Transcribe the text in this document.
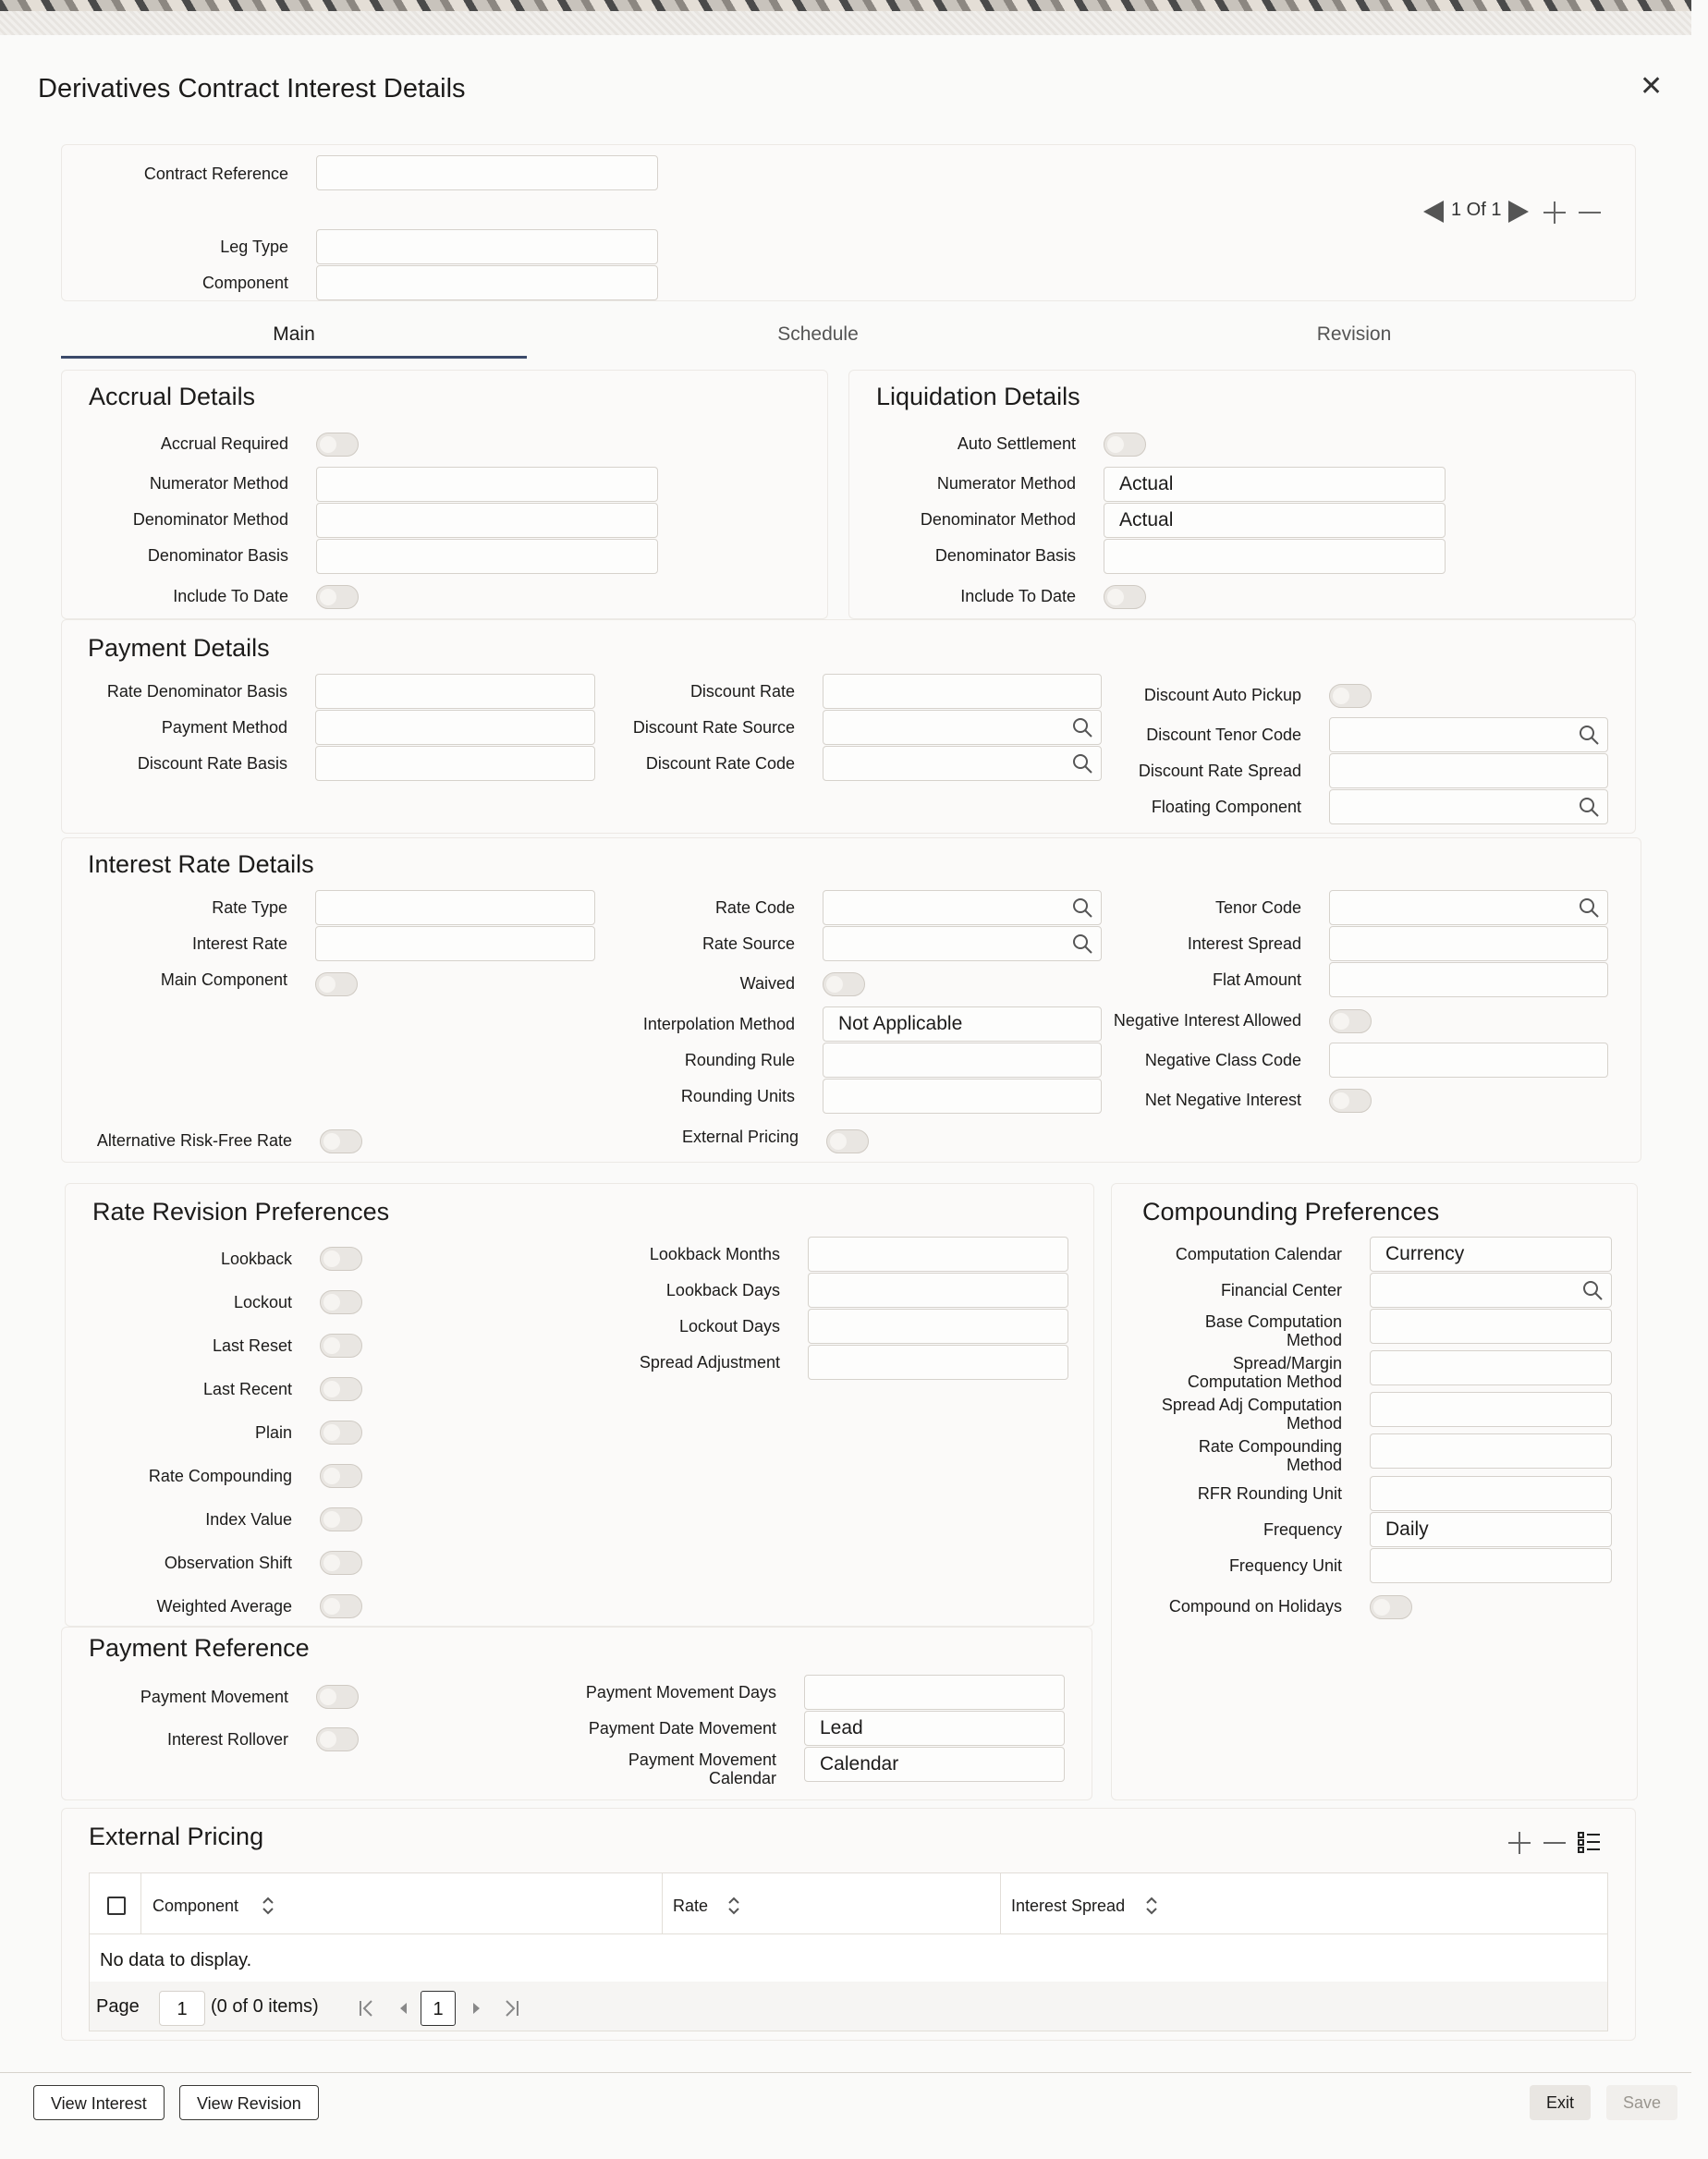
Derivatives Contract Interest Details	✕
Contract Reference
Leg Type
Component
1 Of 1
Main	Schedule	Revision
Accrual Details
Accrual Required
Numerator Method
Denominator Method
Denominator Basis
Include To Date
Liquidation Details
Auto Settlement
Numerator Method	Actual
Denominator Method	Actual
Denominator Basis
Include To Date
Payment Details
Rate Denominator Basis
Payment Method
Discount Rate Basis
Discount Rate
Discount Rate Source
Discount Rate Code
Discount Auto Pickup
Discount Tenor Code
Discount Rate Spread
Floating Component
Interest Rate Details
Rate Type
Interest Rate
Main Component
Rate Code
Rate Source
Waived
Interpolation Method	Not Applicable
Rounding Rule
Rounding Units
Tenor Code
Interest Spread
Flat Amount
Negative Interest Allowed
Negative Class Code
Net Negative Interest
Alternative Risk-Free Rate	External Pricing
Rate Revision Preferences
Lookback
Lockout
Last Reset
Last Recent
Plain
Rate Compounding
Index Value
Observation Shift
Weighted Average
Lookback Months
Lookback Days
Lockout Days
Spread Adjustment
Compounding Preferences
Computation Calendar	Currency
Financial Center
Base Computation
Method
Spread/Margin
Computation Method
Spread Adj Computation
Method
Rate Compounding
Method
RFR Rounding Unit
Frequency	Daily
Frequency Unit
Compound on Holidays
Payment Reference
Payment Movement
Interest Rollover
Payment Movement Days
Payment Date Movement	Lead
Payment Movement
Calendar
Calendar
External Pricing
Component	Rate	Interest Spread
No data to display.
Page	1	(0 of 0 items)	1
View Interest	View Revision	Exit	Save
